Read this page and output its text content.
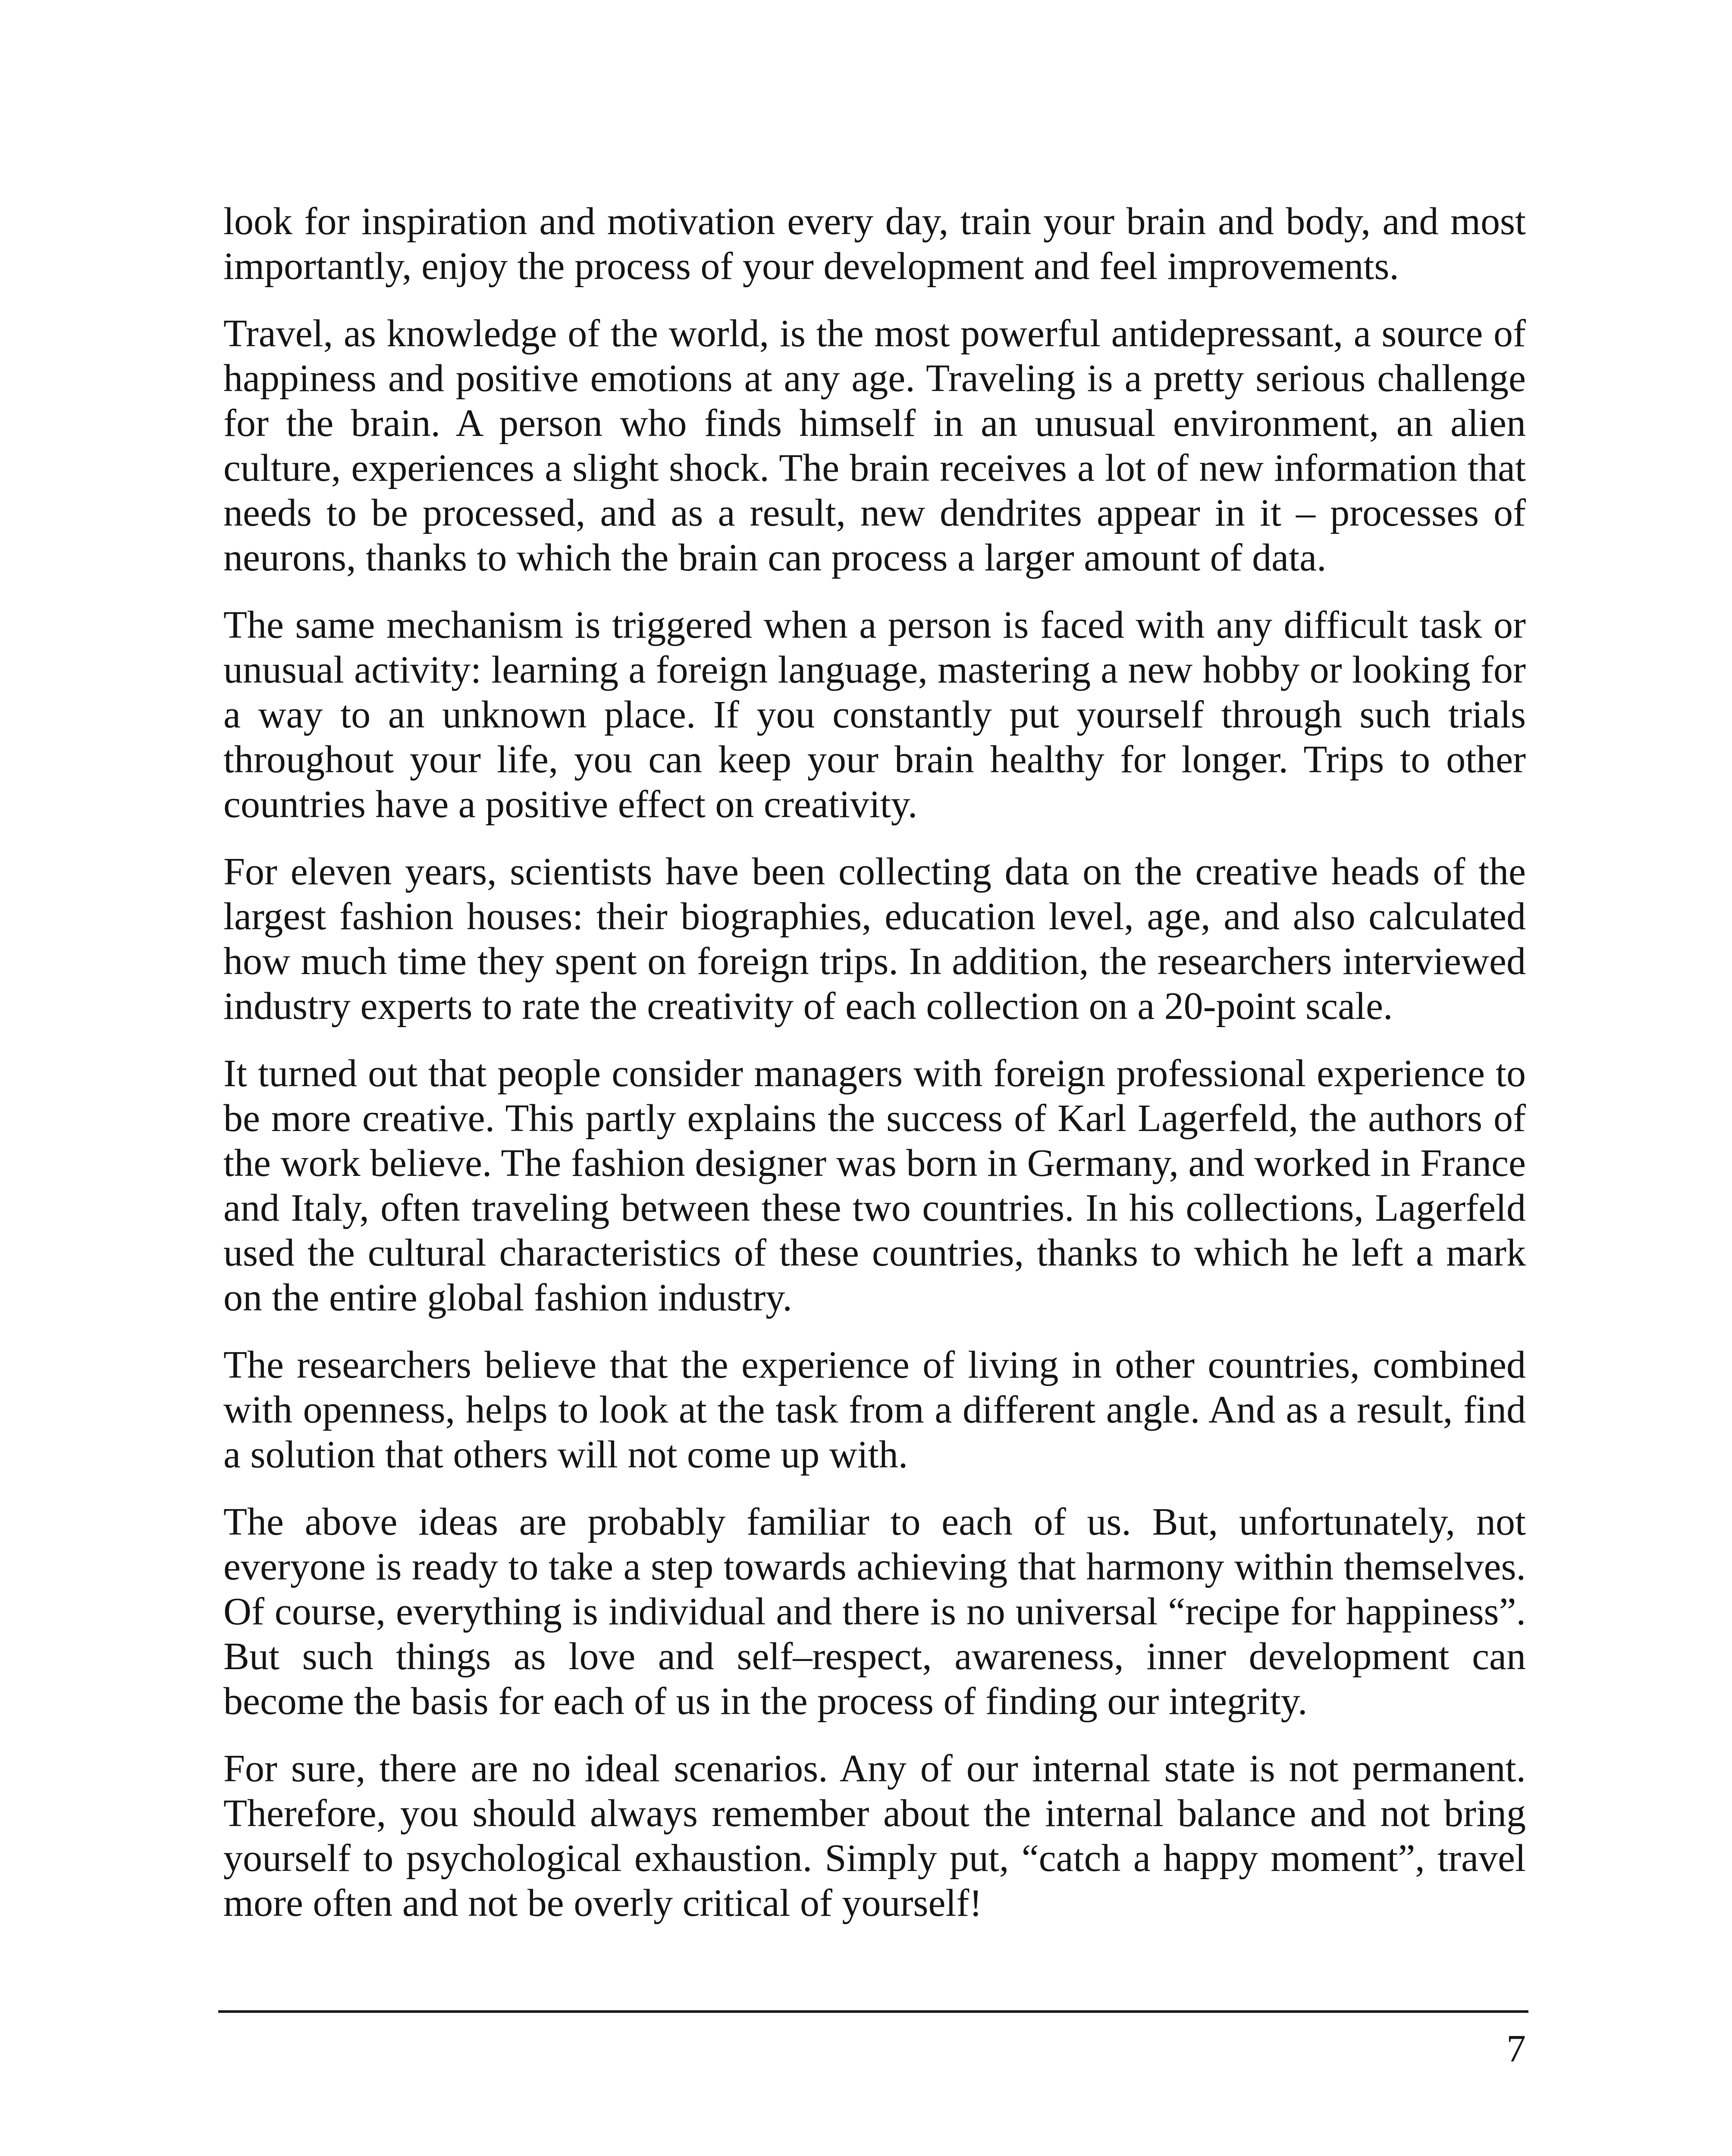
look for inspiration and motivation every day, train your brain and body, and most importantly, enjoy the process of your development and feel improvements.

Travel, as knowledge of the world, is the most powerful antidepressant, a source of happiness and positive emotions at any age. Traveling is a pretty serious challenge for the brain. A person who finds himself in an unusual environment, an alien culture, experiences a slight shock. The brain receives a lot of new information that needs to be processed, and as a result, new dendrites appear in it – processes of neurons, thanks to which the brain can process a larger amount of data.

The same mechanism is triggered when a person is faced with any difficult task or unusual activity: learning a foreign language, mastering a new hobby or looking for a way to an unknown place. If you constantly put yourself through such trials throughout your life, you can keep your brain healthy for longer. Trips to other countries have a positive effect on creativity.

For eleven years, scientists have been collecting data on the creative heads of the largest fashion houses: their biographies, education level, age, and also calculated how much time they spent on foreign trips. In addition, the researchers interviewed industry experts to rate the creativity of each collection on a 20-point scale.

It turned out that people consider managers with foreign professional experience to be more creative. This partly explains the success of Karl Lagerfeld, the authors of the work believe. The fashion designer was born in Germany, and worked in France and Italy, often traveling between these two countries. In his collections, Lagerfeld used the cultural characteristics of these countries, thanks to which he left a mark on the entire global fashion industry.

The researchers believe that the experience of living in other countries, combined with openness, helps to look at the task from a different angle. And as a result, find a solution that others will not come up with.

The above ideas are probably familiar to each of us. But, unfortunately, not everyone is ready to take a step towards achieving that harmony within themselves. Of course, everything is individual and there is no universal “recipe for happiness”. But such things as love and self–respect, awareness, inner development can become the basis for each of us in the process of finding our integrity.

For sure, there are no ideal scenarios. Any of our internal state is not permanent. Therefore, you should always remember about the internal balance and not bring yourself to psychological exhaustion. Simply put, “catch a happy moment”, travel more often and not be overly critical of yourself!

7
